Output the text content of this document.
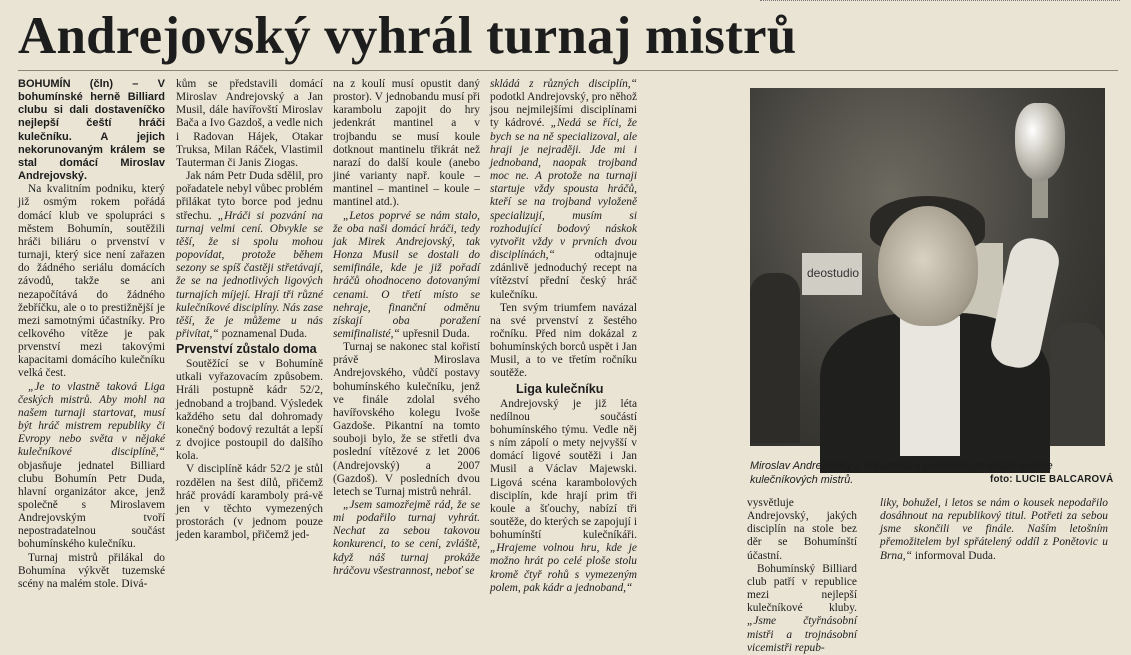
Andrejovský vyhrál turnaj mistrů

BOHUMÍN (čln) – V bohumínské herně Billiard clubu si dali dostaveníčko nejlepší čeští hráči kulečníku. A jejich nekorunovaným králem se stal domácí Miroslav Andrejovský.

Na kvalitním podniku, který již osmým rokem pořádá domácí klub ve spolupráci s městem Bohumín, soutěžili hráči biliáru o prvenství v turnaji, který sice není zařazen do žádného seriálu domácích závodů, takže se ani nezapočítává do žádného žebříčku, ale o to prestižnější je mezi samotnými účastníky. Pro celkového vítěze je pak prvenství mezi takovými kapacitami domácího kulečníku velká čest.

„Je to vlastně taková Liga českých mistrů. Aby mohl na našem turnaji startovat, musí být hráč mistrem republiky či Evropy nebo světa v nějaké kulečníkové disciplíně,“ objasňuje jednatel Billiard clubu Bohumín Petr Duda, hlavní organizátor akce, jenž společně s Miroslavem Andrejovským tvoří nepostradatelnou součást bohumínského kulečníku.

Turnaj mistrů přilákal do Bohumína výkvět tuzemské scény na malém stole. Divá-

kům se představili domácí Miroslav Andrejovský a Jan Musil, dále havířovští Miroslav Bača a Ivo Gazdoš, a vedle nich i Radovan Hájek, Otakar Truksa, Milan Ráček, Vlastimil Tauterman či Janis Ziogas.

Jak nám Petr Duda sdělil, pro pořadatele nebyl vůbec problém přilákat tyto borce pod jednu střechu. „Hráči si pozvání na turnaj velmi cení. Obvykle se těší, že si spolu mohou popovídat, protože během sezony se spíš častěji střetávají, že se na jednotlivých ligových turnajích míjejí. Hrají tři různé kulečníkové disciplíny. Nás zase těší, že je můžeme u nás přivítat,“ poznamenal Duda.

Prvenství zůstalo doma

Soutěžící se v Bohumíně utkali vyřazovacím způsobem. Hráli postupně kádr 52/2, jednoband a trojband. Výsledek každého setu dal dohromady konečný bodový rezultát a lepší z dvojice postoupil do dalšího kola.

V disciplíně kádr 52/2 je stůl rozdělen na šest dílů, přičemž hráč provádí karamboly prá-vě jen v těchto vymezených prostorách (v jednom pouze jeden karambol, přičemž jed-

na z koulí musí opustit daný prostor). V jednobandu musí při karambolu zapojit do hry jedenkrát mantinel a v trojbandu se musí koule dotknout mantinelu třikrát než narazí do další koule (anebo jiné varianty např. koule – mantinel – mantinel – koule – mantinel atd.).

„Letos poprvé se nám stalo, že oba naši domácí hráči, tedy jak Mirek Andrejovský, tak Honza Musil se dostali do semifinále, kde je již pořadí hráčů ohodnoceno dotovanými cenami. O třetí místo se nehraje, finanční odměnu získají oba poražení semifinalisté,“ upřesnil Duda.

Turnaj se nakonec stal kořistí právě Miroslava Andrejovského, vůdčí postavy bohumínského kulečníku, jenž ve finále zdolal svého havířovského kolegu Ivoše Gazdoše. Pikantní na tomto souboji bylo, že se střetli dva poslední vítězové z let 2006 (Andrejovský) a 2007 (Gazdoš). V posledních dvou letech se Turnaj mistrů nehrál.

„Jsem samozřejmě rád, že se mi podařilo turnaj vyhrát. Nechat za sebou takovou konkurenci, to se cení, zvláště, když náš turnaj prokáže hráčovu všestrannost, neboť se

skládá z různých disciplín,“ podotkl Andrejovský, pro něhož jsou nejmilejšími disciplínami ty kádrové. „Nedá se říci, že bych se na ně specializoval, ale hraji je nejraději. Jde mi i jednoband, naopak trojband moc ne. A protože na turnaji startuje vždy spousta hráčů, kteří se na trojband vyloženě specializují, musím si rozhodující bodový náskok vytvořit vždy v prvních dvou disciplínách,“ odtajnuje zdánlivě jednoduchý recept na vítězství přední český hráč kulečníku.

Ten svým triumfem navázal na své prvenství z šestého ročníku. Před nim dokázal z bohumínských borců uspět i Jan Musil, a to ve třetím ročníku soutěže.

Liga kulečníku

Andrejovský je již léta nedílnou součástí bohumínského týmu. Vedle něj s ním zápolí o mety nejvyšší v domácí ligové soutěži i Jan Musil a Václav Majewski. Ligová scéna karambolových disciplín, kde hrají prim tři koule a šťouchy, nabízí tři soutěže, do kterých se zapojují i bohumínští kulečníkáři. „Hrajeme volnou hru, kde je možno hrát po celé ploše stolu kromě čtyř rohů s vymezeným polem, pak kádr a jednoband,“

deostudio
Miroslav Andrejovský z Bohumína s pohárem pro vítěze turnaje kulečníkových mistrů.	foto: LUCIE BALCAROVÁ

vysvětluje Andrejovský, jakých disciplín na stole bez děr se Bohumínští účastní.

Bohumínský Billiard club patří v republice mezi nejlepší kulečníkové kluby. „Jsme čtyřnásobní mistři a trojnásobní vicemistři repub-

liky, bohužel, i letos se nám o kousek nepodařilo dosáhnout na republikový titul. Potřeti za sebou jsme skončili ve finále. Naším letošním přemožitelem byl spřátelený oddíl z Ponětovic u Brna,“ informoval Duda.
